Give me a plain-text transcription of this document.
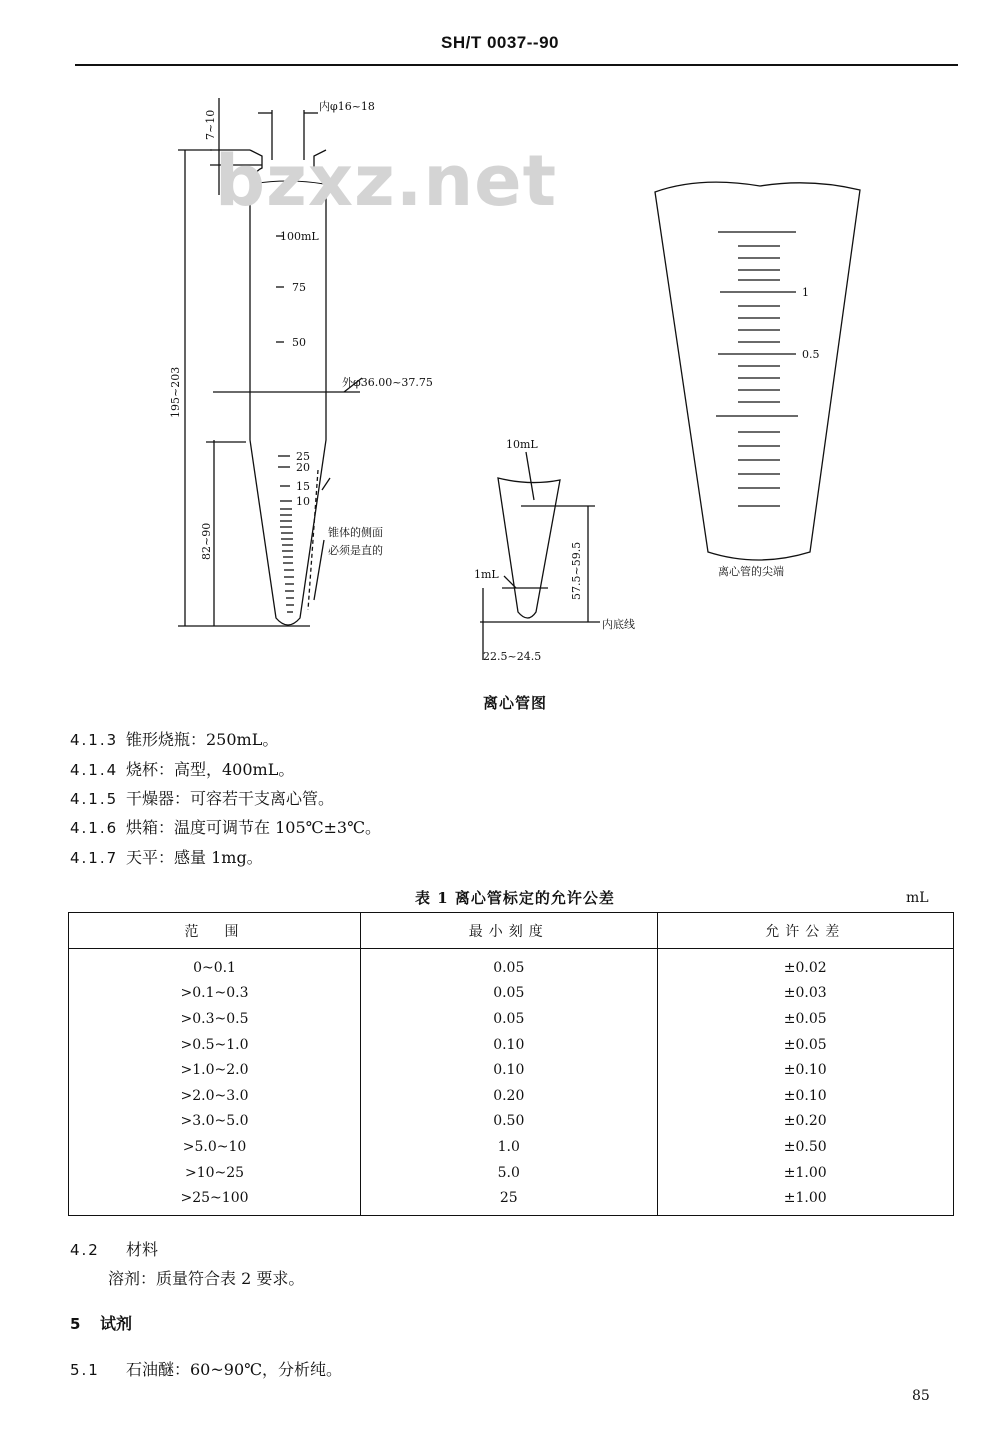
SH/T 0037--90
内φ16~18
7~10
195~203
82~90
外φ36.00~37.75
锥体的侧面
必须是直的
100mL
75
50
25
20
15
10
10mL
1mL	57.5~59.5
内底线
22.5~24.5
1
0.5
离心管的尖端
bzxz.net
离心管图
4.1.3 锥形烧瓶：250mL。
4.1.4 烧杯：高型，400mL。
4.1.5 干燥器：可容若干支离心管。
4.1.6 烘箱：温度可调节在 105℃±3℃。
4.1.7 天平：感量 1mg。
表 1 离心管标定的允许公差	mL
范　围	最小刻度	允许公差
0~0.1	0.05	±0.02
>0.1~0.3	0.05	±0.03
>0.3~0.5	0.05	±0.05
>0.5~1.0	0.10	±0.05
>1.0~2.0	0.10	±0.10
>2.0~3.0	0.20	±0.10
>3.0~5.0	0.50	±0.20
>5.0~10	1.0	±0.50
>10~25	5.0	±1.00
>25~100	25	±1.00
4.2 材料
溶剂：质量符合表 2 要求。
5 试剂
5.1 石油醚：60~90℃，分析纯。
85
